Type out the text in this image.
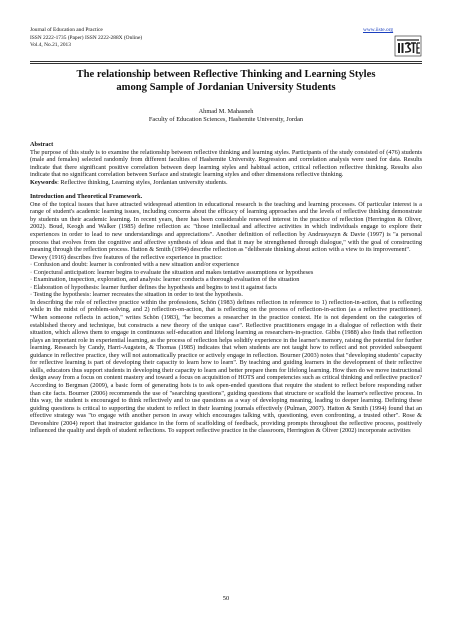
Journal of Education and Practice
ISSN 2222-1735 (Paper) ISSN 2222-288X (Online)
Vol.4, No.21, 2013
www.iiste.org
The relationship between Reflective Thinking and Learning Styles
among Sample of Jordanian University Students
Ahmad M. Mahasneh
Faculty of Education Sciences, Hashemite University, Jordan

Abstract

The purpose of this study is to examine the relationship between reflective thinking and learning styles. Participants of the study consisted of (476) students (male and females) selected randomly from different faculties of Hashemite University. Regression and correlation analysis were used for data. Results indicate that there significant positive correlation between deep learning styles and habitual action, critical reflection reflective thinking. Results also indicate that no significant correlation between Surface and strategic learning styles and other dimensions reflective thinking.

Keywords: Reflective thinking, Learning styles, Jordanian university students.

Introduction and Theoretical Framework.

One of the topical issues that have attracted widespread attention in educational research is the teaching and learning processes. Of particular interest is a range of student's academic learning issues, including concerns about the efficacy of learning approaches and the levels of reflective thinking demonstrate by students un their academic learning. In recent years, there has been considerable renewed interest in the practice of reflection (Herrington & Oliver, 2002). Boud, Keogh and Walker (1985) define reflection as: "those intellectual and affective activities in which individuals engage to explore their experiences in order to lead to new understandings and appreciations". Another definition of reflection by Andrusyszyn & Davie (1997) is "a personal process that evolves from the cognitive and affective synthesis of ideas and that it may be strengthened through dialogue," with the goal of constructing meaning through the reflection process. Hatton & Smith (1994) describe reflection as "deliberate thinking about action with a view to its improvement".

Dewey (1916) describes five features of the reflective experience in practice:

· Confusion and doubt: learner is confronted with a new situation and/or experience

· Conjectural anticipation: learner begins to evaluate the situation and makes tentative assumptions or hypotheses

· Examination, inspection, exploration, and analysis: learner conducts a thorough evaluation of the situation

· Elaboration of hypothesis: learner further defines the hypothesis and begins to test it against facts

· Testing the hypothesis: learner recreates the situation in order to test the hypothesis.

In describing the role of reflective practice within the professions, Schön (1983) defines reflection in reference to 1) reflection-in-action, that is reflecting while in the midst of problem-solving, and 2) reflection-on-action, that is reflecting on the process of reflection-in-action (as a reflective practitioner). "When someone reflects in action," writes Schön (1983), "he becomes a researcher in the practice context. He is not dependent on the categories of established theory and technique, but constructs a new theory of the unique case". Reflective practitioners engage in a dialogue of reflection with their situation, which allows them to engage in continuous self-education and lifelong learning as researchers-in-practice. Gibbs (1988) also finds that reflection plays an important role in experiential learning, as the process of reflection helps solidify experience in the learner's memory, raising the potential for further learning. Research by Candy, Harri-Augstein, & Thomas (1985) indicates that when students are not taught how to reflect and not provided subsequent guidance in reflective practice, they will not automatically practice or actively engage in reflection. Bourner (2003) notes that "developing students' capacity for reflective learning is part of developing their capacity to learn how to learn". By teaching and guiding learners in the development of their reflective skills, educators thus support students in developing their capacity to learn and better prepare them for lifelong learning. How then do we move instructional design away from a focus on content mastery and toward a focus on acquisition of HOTS and competencies such as critical thinking and reflective practice? According to Bergman (2009), a basic form of generating hots is to ask open-ended questions that require the student to reflect before responding rather than cite facts. Bourner (2006) recommends the use of "searching questions", guiding questions that structure or scaffold the learner's reflective process. In this way, the student is encouraged to think reflectively and to use questions as a way of developing meaning, leading to deeper learning. Defining these guiding questions is critical to supporting the student to reflect in their learning journals effectively (Pulman, 2007). Hatton & Smith (1994) found that an effective strategy was "to engage with another person in away which encourages talking with, questioning, even confronting, a trusted other". Rose & Devonshire (2004) report that instructor guidance in the form of scaffolding of feedback, providing prompts throughout the reflective process, positively influenced the quality and depth of student reflections. To support reflective practice in the classroom, Herrington & Oliver (2002) incorporate activities

50
